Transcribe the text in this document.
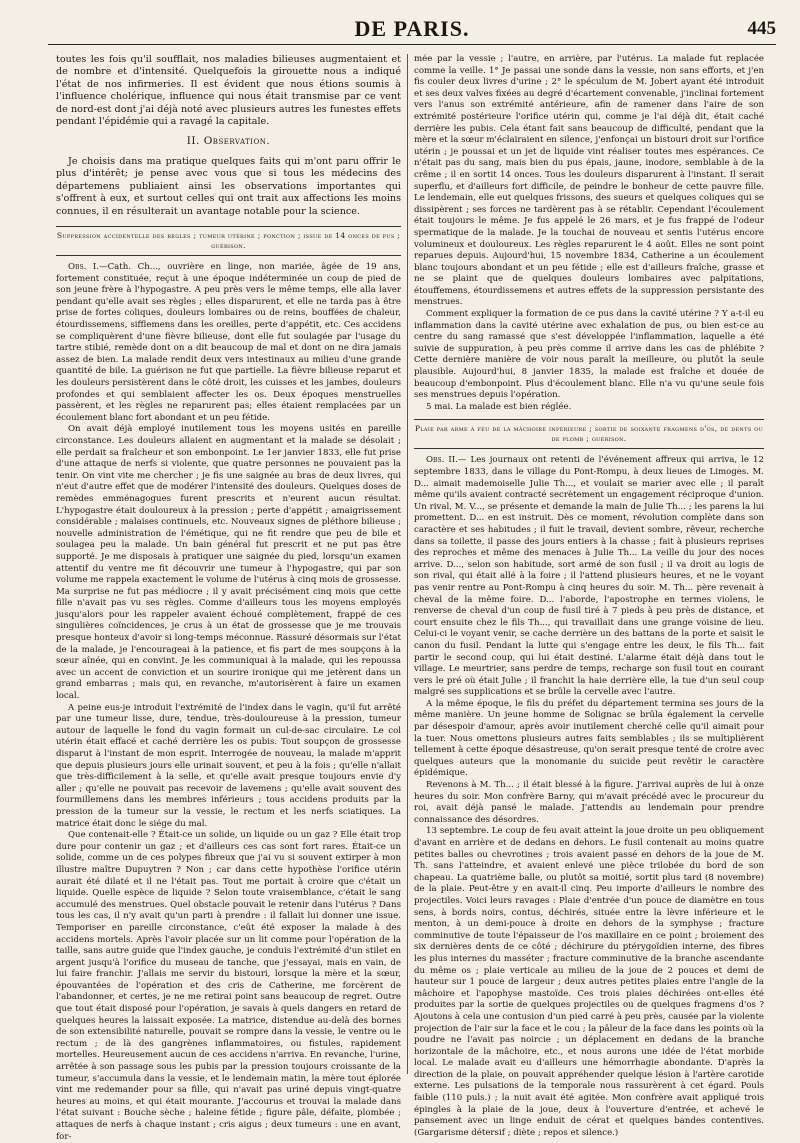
DE PARIS.	445

toutes les fois qu'il soufflait, nos maladies bilieuses augmentaient et de nombre et d'intensité. Quelquefois la girouette nous a indiqué l'état de nos infirmeries. Il est évident que nous étions soumis à l'influence cholérique, influence qui nous était transmise par ce vent de nord-est dont j'ai déjà noté avec plusieurs autres les funestes effets pendant l'épidémie qui a ravagé la capitale.

II. Observation.

Je choisis dans ma pratique quelques faits qui m'ont paru offrir le plus d'intérêt; je pense avec vous que si tous les médecins des départemens publiaient ainsi les observations importantes qui s'offrent à eux, et surtout celles qui ont trait aux affections les moins connues, il en résulterait un avantage notable pour la science.

Suppression accidentelle des règles ; tumeur utérine ; ponction ; issue de 14 onces de pus ; guérison.

Obs. I.—Cath. Ch..., ouvrière en linge, non mariée, âgée de 19 ans, fortement constituée, reçut à une époque indéterminée un coup de pied de son jeune frère à l'hypogastre. A peu près vers le même temps, elle alla laver pendant qu'elle avait ses règles ; elles disparurent, et elle ne tarda pas à être prise de fortes coliques, douleurs lombaires ou de reins, bouffées de chaleur, étourdissemens, sifflemens dans les oreilles, perte d'appétit, etc. Ces accidens se compliquèrent d'une fièvre bilieuse, dont elle fut soulagée par l'usage du tartre stibié, remède dont on a dit beaucoup de mal et dont on ne dira jamais assez de bien. La malade rendit deux vers intestinaux au milieu d'une grande quantité de bile. La guérison ne fut que partielle. La fièvre bilieuse reparut et les douleurs persistèrent dans le côté droit, les cuisses et les jambes, douleurs profondes et qui semblaient affecter les os. Deux époques menstruelles passèrent, et les règles ne reparurent pas; elles étaient remplacées par un écoulement blanc fort abondant et un peu fétide.

On avait déjà employé inutilement tous les moyens usités en pareille circonstance. Les douleurs allaient en augmentant et la malade se désolait ; elle perdait sa fraîcheur et son embonpoint. Le 1er janvier 1833, elle fut prise d'une attaque de nerfs si violente, que quatre personnes ne pouvaient pas la tenir. On vint vite me chercher ; je fis une saignée au bras de deux livres, qui n'eut d'autre effet que de modérer l'intensité des douleurs. Quelques doses de remèdes emménagogues furent prescrits et n'eurent aucun résultat. L'hypogastre était douloureux à la pression ; perte d'appétit ; amaigrissement considérable ; malaises continuels, etc. Nouveaux signes de pléthore bilieuse ; nouvelle administration de l'émétique, qui ne fit rendre que peu de bile et soulagea peu la malade. Un bain général fut prescrit et ne put pas être supporté. Je me disposais à pratiquer une saignée du pied, lorsqu'un examen attentif du ventre me fit découvrir une tumeur à l'hypogastre, qui par son volume me rappela exactement le volume de l'utérus à cinq mois de grossesse. Ma surprise ne fut pas médiocre ; il y avait précisément cinq mois que cette fille n'avait pas vu ses règles. Comme d'ailleurs tous les moyens employés jusqu'alors pour les rappeler avaient échoué complètement, frappé de ces singulières coïncidences, je crus à un état de grossesse que je me trouvais presque honteux d'avoir si long-temps méconnue. Rassuré désormais sur l'état de la malade, je l'encourageai à la patience, et fis part de mes soupçons à la sœur aînée, qui en convint. Je les communiquai à la malade, qui les repoussa avec un accent de conviction et un sourire ironique qui me jetèrent dans un grand embarras ; mais qui, en revanche, m'autorisèrent à faire un examen local.

A peine eus-je introduit l'extrémité de l'index dans le vagin, qu'il fut arrêté par une tumeur lisse, dure, tendue, très-douloureuse à la pression, tumeur autour de laquelle le fond du vagin formait un cul-de-sac circulaire. Le col utérin était effacé et caché derrière les os pubis. Tout soupçon de grossesse disparut à l'instant de mon esprit. Interrogée de nouveau, la malade m'apprit que depuis plusieurs jours elle urinait souvent, et peu à la fois ; qu'elle n'allait que très-difficilement à la selle, et qu'elle avait presque toujours envie d'y aller ; qu'elle ne pouvait pas recevoir de lavemens ; qu'elle avait souvent des fourmillemens dans les membres inférieurs ; tous accidens produits par la pression de la tumeur sur la vessie, le rectum et les nerfs sciatiques. La matrice était donc le siége du mal.

Que contenait-elle ? Était-ce un solide, un liquide ou un gaz ? Elle était trop dure pour contenir un gaz ; et d'ailleurs ces cas sont fort rares. Était-ce un solide, comme un de ces polypes fibreux que j'ai vu si souvent extirper à mon illustre maître Dupuytren ? Non ; car dans cette hypothèse l'orifice utérin aurait été dilaté et il ne l'était pas. Tout me portait à croire que c'était un liquide. Quelle espèce de liquide ? Selon toute vraisemblance, c'était le sang accumulé des menstrues. Quel obstacle pouvait le retenir dans l'utérus ? Dans tous les cas, il n'y avait qu'un parti à prendre : il fallait lui donner une issue. Temporiser en pareille circonstance, c'eût été exposer la malade à des accidens mortels. Après l'avoir placée sur un lit comme pour l'opération de la taille, sans autre guide que l'index gauche, je conduis l'extrémité d'un stilet en argent jusqu'à l'orifice du museau de tanche, que j'essayai, mais en vain, de lui faire franchir. J'allais me servir du bistouri, lorsque la mère et la sœur, épouvantées de l'opération et des cris de Catherine, me forcèrent de l'abandonner, et certes, je ne me retirai point sans beaucoup de regret. Outre que tout était disposé pour l'opération, je savais à quels dangers en retard de quelques heures la laissait exposée. La matrice, distendue au-delà des bornes de son extensibilité naturelle, pouvait se rompre dans la vessie, le ventre ou le rectum ; de là des gangrènes inflammatoires, ou fistules, rapidement mortelles. Heureusement aucun de ces accidens n'arriva. En revanche, l'urine, arrêtée à son passage sous les pubis par la pression toujours croissante de la tumeur, s'accumula dans la vessie, et le lendemain matin, la mère tout éplorée vint me redemander pour sa fille, qui n'avait pas uriné depuis vingt-quatre heures au moins, et qui était mourante. J'accourus et trouvai la malade dans l'état suivant : Bouche sèche ; haleine fétide ; figure pâle, défaite, plombée ; attaques de nerfs à chaque instant ; cris aigus ; deux tumeurs : une en avant, for-

mée par la vessie ; l'autre, en arrière, par l'utérus. La malade fut replacée comme la veille. 1° Je passai une sonde dans la vessie, non sans efforts, et j'en fis couler deux livres d'urine ; 2° le spéculum de M. Jobert ayant été introduit et ses deux valves fixées au degré d'écartement convenable, j'inclinai fortement vers l'anus son extrémité antérieure, afin de ramener dans l'aire de son extrémité postérieure l'orifice utérin qui, comme je l'ai déjà dit, était caché derrière les pubis. Cela étant fait sans beaucoup de difficulté, pendant que la mère et la sœur m'éclairaient en silence, j'enfonçai un bistouri droit sur l'orifice utérin ; je poussai et un jet de liquide vint réaliser toutes mes espérances. Ce n'était pas du sang, mais bien du pus épais, jaune, inodore, semblable à de la crême ; il en sortit 14 onces. Tous les douleurs disparurent à l'instant. Il serait superflu, et d'ailleurs fort difficile, de peindre le bonheur de cette pauvre fille. Le lendemain, elle eut quelques frissons, des sueurs et quelques coliques qui se dissipèrent ; ses forces ne tardèrent pas à se rétablir. Cependant l'écoulement était toujours le même. Je fus appelé le 26 mars, et je fus frappé de l'odeur spermatique de la malade. Je la touchai de nouveau et sentis l'utérus encore volumineux et douloureux. Les règles reparurent le 4 août. Elles ne sont point reparues depuis. Aujourd'hui, 15 novembre 1834, Catherine a un écoulement blanc toujours abondant et un peu fétide ; elle est d'ailleurs fraîche, grasse et ne se plaint que de quelques douleurs lombaires avec palpitations, étouffemens, étourdissemens et autres effets de la suppression persistante des menstrues.

Comment expliquer la formation de ce pus dans la cavité utérine ? Y a-t-il eu inflammation dans la cavité utérine avec exhalation de pus, ou bien est-ce au centre du sang ramassé que s'est développée l'inflammation, laquelle a été suivie de suppuration, à peu près comme il arrive dans les cas de phlébite ? Cette dernière manière de voir nous paraît la meilleure, ou plutôt la seule plausible. Aujourd'hui, 8 janvier 1835, la malade est fraîche et douée de beaucoup d'embonpoint. Plus d'écoulement blanc. Elle n'a vu qu'une seule fois ses menstrues depuis l'opération.

5 mai. La malade est bien réglée.

Plaie par arme à feu de la mâchoire inférieure ; sortie de soixante fragmens d'os, de dents ou de plomb ; guérison.

Obs. II.— Les journaux ont retenti de l'événement affreux qui arriva, le 12 septembre 1833, dans le village du Pont-Rompu, à deux lieues de Limoges. M. D... aimait mademoiselle Julie Th..., et voulait se marier avec elle ; il paraît même qu'ils avaient contracté secrètement un engagement réciproque d'union. Un rival, M. V..., se présente et demande la main de Julie Th... ; les parens la lui promettent. D... en est instruit. Dès ce moment, révolution complète dans son caractère et ses habitudes ; il fuit le travail, devient sombre, rêveur, recherche dans sa toilette, il passe des jours entiers à la chasse ; fait à plusieurs reprises des reproches et même des menaces à Julie Th... La veille du jour des noces arrive. D..., selon son habitude, sort armé de son fusil ; il va droit au logis de son rival, qui était allé à la foire ; il l'attend plusieurs heures, et ne le voyant pas venir rentre au Pont-Rompu à cinq heures du soir. M. Th... père revenait à cheval de la même foire. D... l'aborde, l'apostrophe en termes violens, le renverse de cheval d'un coup de fusil tiré à 7 pieds à peu près de distance, et court ensuite chez le fils Th..., qui travaillait dans une grange voisine de lieu. Celui-ci le voyant venir, se cache derrière un des battans de la porte et saisit le canon du fusil. Pendant la lutte qui s'engage entre les deux, le fils Th... fait partir le second coup, qui lui était destiné. L'alarme était déjà dans tout le village. Le meurtrier, sans perdre de temps, recharge son fusil tout en courant vers le pré où était Julie ; il franchit la haie derrière elle, la tue d'un seul coup malgré ses supplications et se brûle la cervelle avec l'autre.

A la même époque, le fils du préfet du département termina ses jours de la même manière. Un jeune homme de Solignac se brûla également la cervelle par désespoir d'amour, après avoir inutilement cherché celle qu'il aimait pour la tuer. Nous omettons plusieurs autres faits semblables ; ils se multiplièrent tellement à cette époque désastreuse, qu'on serait presque tenté de croire avec quelques auteurs que la monomanie du suicide peut revêtir le caractère épidémique.

Revenons à M. Th... ; il était blessé à la figure. J'arrivai auprès de lui à onze heures du soir. Mon confrère Barny, qui m'avait précédé avec le procureur du roi, avait déjà pansé le malade. J'attendis au lendemain pour prendre connaissance des désordres.

13 septembre. Le coup de feu avait atteint la joue droite un peu obliquement d'avant en arrière et de dedans en dehors. Le fusil contenait au moins quatre petites balles ou chevrotines ; trois avaient passé en dehors de la joue de M. Th. sans l'atteindre, et avaient enlevé une pièce trilobée du bord de son chapeau. La quatrième balle, ou plutôt sa moitié, sortit plus tard (8 novembre) de la plaie. Peut-être y en avait-il cinq. Peu importe d'ailleurs le nombre des projectiles. Voici leurs ravages : Plaie d'entrée d'un pouce de diamètre en tous sens, à bords noirs, contus, déchirés, située entre la lèvre inférieure et le menton, à un demi-pouce à droite en dehors de la symphyse ; fracture comminutive de toute l'épaisseur de l'os maxillaire en ce point ; broiement des six dernières dents de ce côté ; déchirure du ptérygoïdien interne, des fibres les plus internes du masséter ; fracture comminutive de la branche ascendante du même os ; plaie verticale au milieu de la joue de 2 pouces et demi de hauteur sur 1 pouce de largeur ; deux autres petites plaies entre l'angle de la mâchoire et l'apophyse mastoïde. Ces trois plaies déchirées ont-elles été produites par la sortie de quelques projectiles ou de quelques fragmens d'os ? Ajoutons à cela une contusion d'un pied carré à peu près, causée par la violente projection de l'air sur la face et le cou ; la pâleur de la face dans les points où la poudre ne l'avait pas noircie ; un déplacement en dedans de la branche horizontale de la mâchoire, etc., et nous aurons une idée de l'état morbide local. Le malade avait eu d'ailleurs une hémorrhagie abondante. D'après la direction de la plaie, on pouvait appréhender quelque lésion à l'artère carotide externe. Les pulsations de la temporale nous rassurèrent à cet égard. Pouls faible (110 puls.) ; la nuit avait été agitée. Mon confrère avait appliqué trois épingles à la plaie de la joue, deux à l'ouverture d'entrée, et achevé le pansement avec un linge enduit de cérat et quelques bandes contentives. (Gargarisme détersif ; diète ; repos et silence.)
